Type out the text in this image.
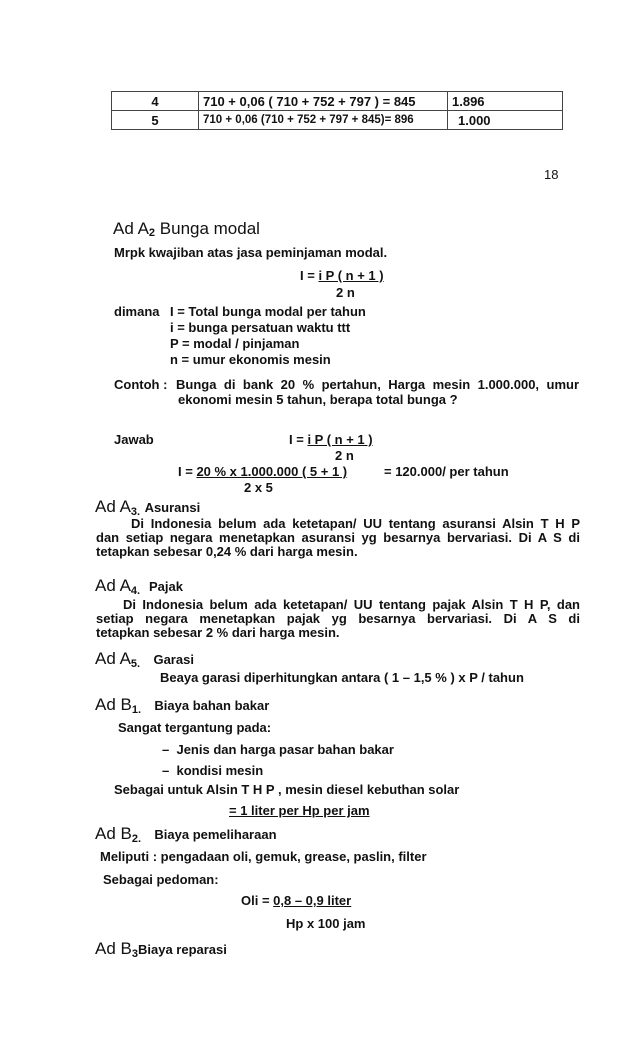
4	710 + 0,06 ( 710 + 752 + 797 ) = 845	1.896
5	710 + 0,06 (710 + 752 + 797 + 845)= 896	1.000
18
Ad $A_2$ Bunga modal
Mrpk kwajiban atas jasa peminjaman modal.
I = i P ( n + 1 )
2 n
dimana I = Total bunga modal per tahun
i = bunga persatuan waktu ttt
P = modal / pinjaman
n = umur ekonomis mesin
Contoh : Bunga di bank 20 % pertahun, Harga mesin 1.000.000, umur
ekonomi mesin 5 tahun, berapa total bunga ?
Jawab	I = i P ( n + 1 )
2 n
I = 20 % x 1.000.000 ( 5 + 1 )	= 120.000/ per tahun
2 x 5
Ad A3. Asuransi
Di Indonesia belum ada ketetapan/ UU tentang asuransi Alsin T H P
dan setiap negara menetapkan asuransi yg besarnya bervariasi. Di A S di
tetapkan sebesar 0,24 % dari harga mesin.
Ad A4. Pajak
Di Indonesia belum ada ketetapan/ UU tentang pajak Alsin T H P, dan
setiap negara menetapkan pajak yg besarnya bervariasi. Di A S di
tetapkan sebesar 2 % dari harga mesin.
Ad A5. Garasi
Beaya garasi diperhitungkan antara ( 1 – 1,5 % ) x P / tahun
Ad B1. Biaya bahan bakar
Sangat tergantung pada:
– Jenis dan harga pasar bahan bakar
– kondisi mesin
Sebagai untuk Alsin T H P , mesin diesel kebuthan solar
= 1 liter per Hp per jam
Ad B2. Biaya pemeliharaan
Meliputi : pengadaan oli, gemuk, grease, paslin, filter
Sebagai pedoman:
Oli = 0,8 – 0,9 liter
Hp x 100 jam
Ad B3Biaya reparasi
